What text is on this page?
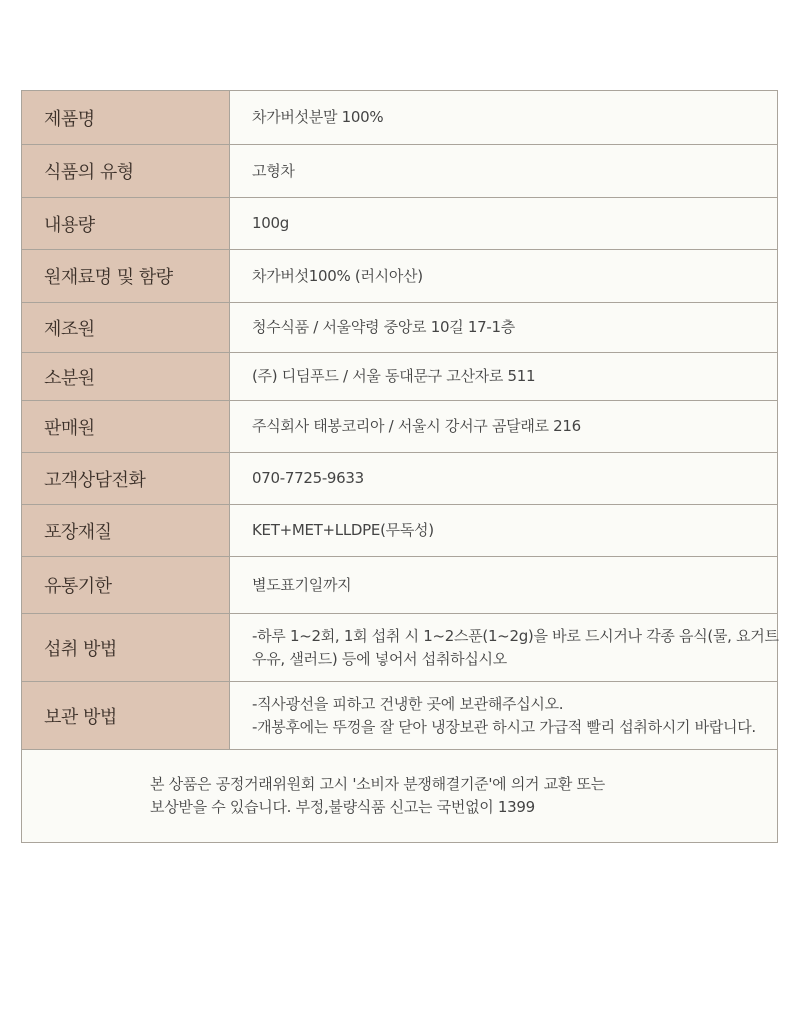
제품명	차가버섯분말 100%

식품의 유형	고형차

내용량	100g

원재료명 및 함량	차가버섯100% (러시아산)

제조원	청수식품 / 서울약령 중앙로 10길 17-1층

소분원	(주) 디딤푸드 / 서울 동대문구 고산자로 511

판매원	주식회사 태봉코리아 / 서울시 강서구 곰달래로 216

고객상담전화	070-7725-9633

포장재질	KET+MET+LLDPE(무독성)

유통기한	별도표기일까지

섭취 방법	-하루 1~2회, 1회 섭취 시 1~2스푼(1~2g)을 바로 드시거나 각종 음식(물, 요거트
우유, 샐러드) 등에 넣어서 섭취하십시오

보관 방법	-직사광선을 피하고 건냉한 곳에 보관해주십시오.
-개봉후에는 뚜껑을 잘 닫아 냉장보관 하시고 가급적 빨리 섭취하시기 바랍니다.

본 상품은 공정거래위원회 고시 '소비자 분쟁해결기준'에 의거 교환 또는
보상받을 수 있습니다. 부정,불량식품 신고는 국번없이 1399	
